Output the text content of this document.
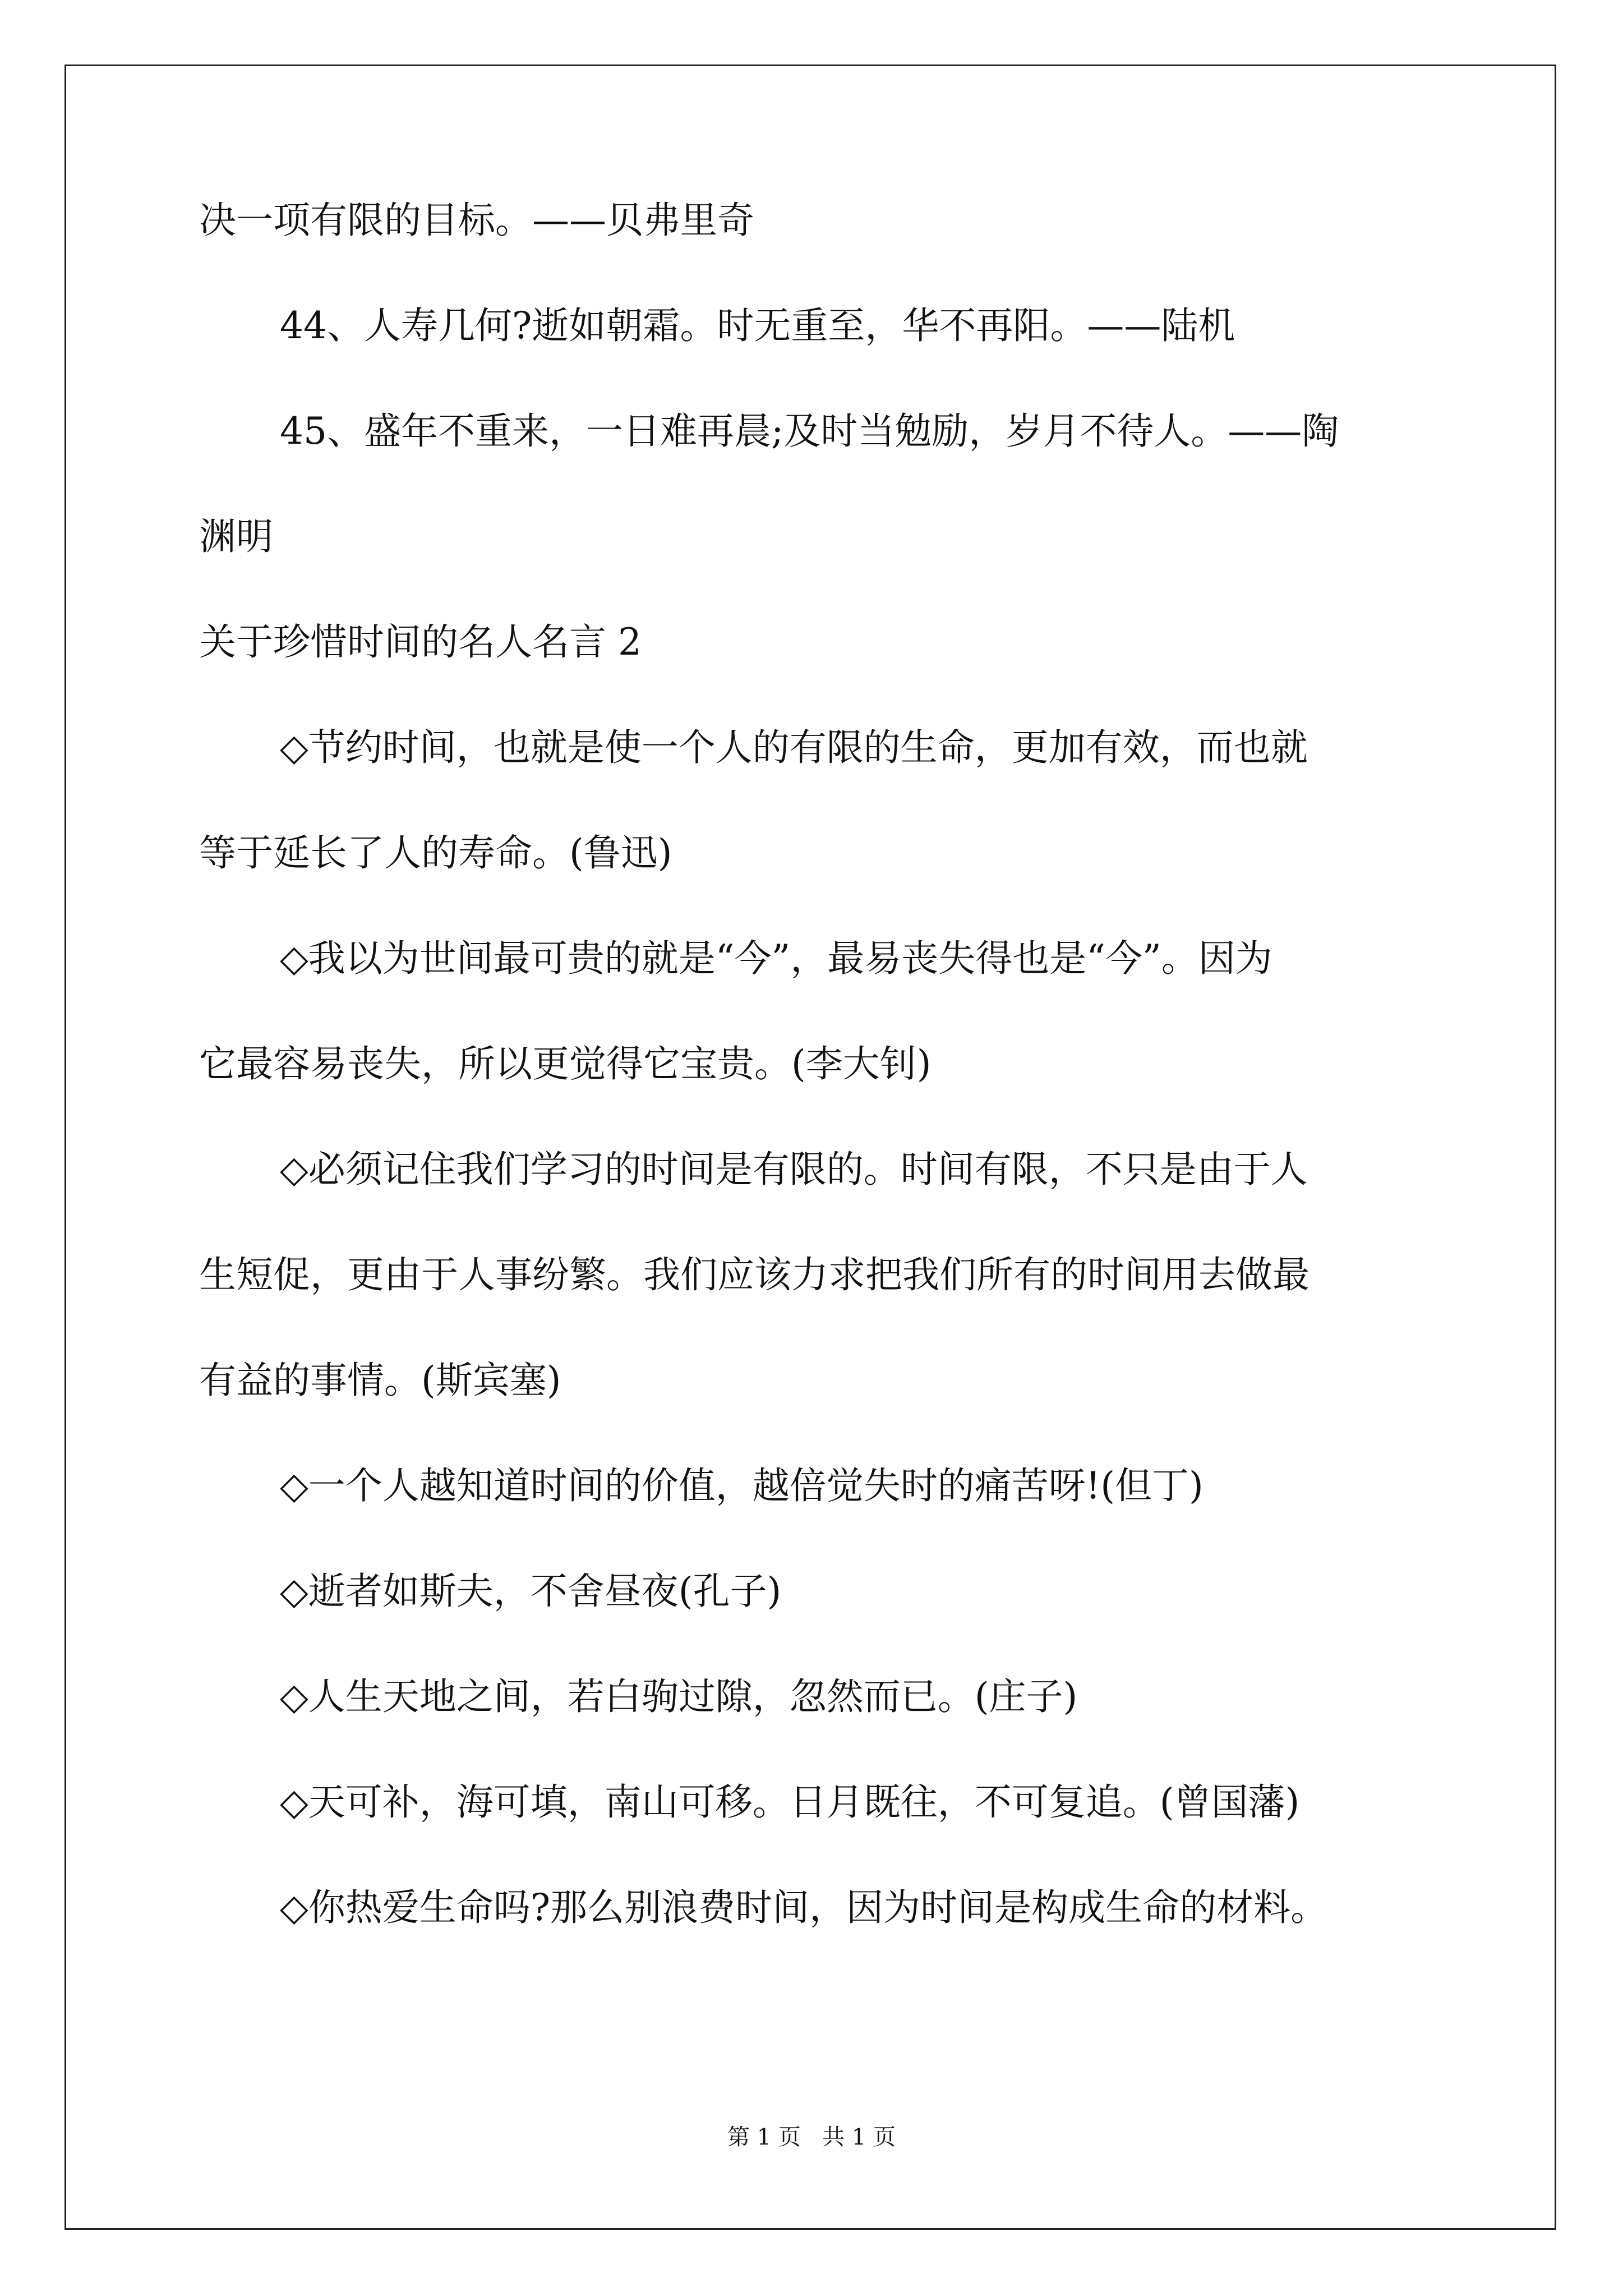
决一项有限的目标。——贝弗里奇

44、人寿几何?逝如朝霜。时无重至，华不再阳。——陆机

45、盛年不重来，一日难再晨;及时当勉励，岁月不待人。——陶

渊明

关于珍惜时间的名人名言 2

◇节约时间，也就是使一个人的有限的生命，更加有效，而也就

等于延长了人的寿命。(鲁迅)

◇我以为世间最可贵的就是“今”，最易丧失得也是“今”。因为

它最容易丧失，所以更觉得它宝贵。(李大钊)

◇必须记住我们学习的时间是有限的。时间有限，不只是由于人

生短促，更由于人事纷繁。我们应该力求把我们所有的时间用去做最

有益的事情。(斯宾塞)

◇一个人越知道时间的价值，越倍觉失时的痛苦呀!(但丁)

◇逝者如斯夫，不舍昼夜(孔子)

◇人生天地之间，若白驹过隙，忽然而已。(庄子)

◇天可补，海可填，南山可移。日月既往，不可复追。(曾国藩)

◇你热爱生命吗?那么别浪费时间，因为时间是构成生命的材料。

第 1 页   共 1 页
